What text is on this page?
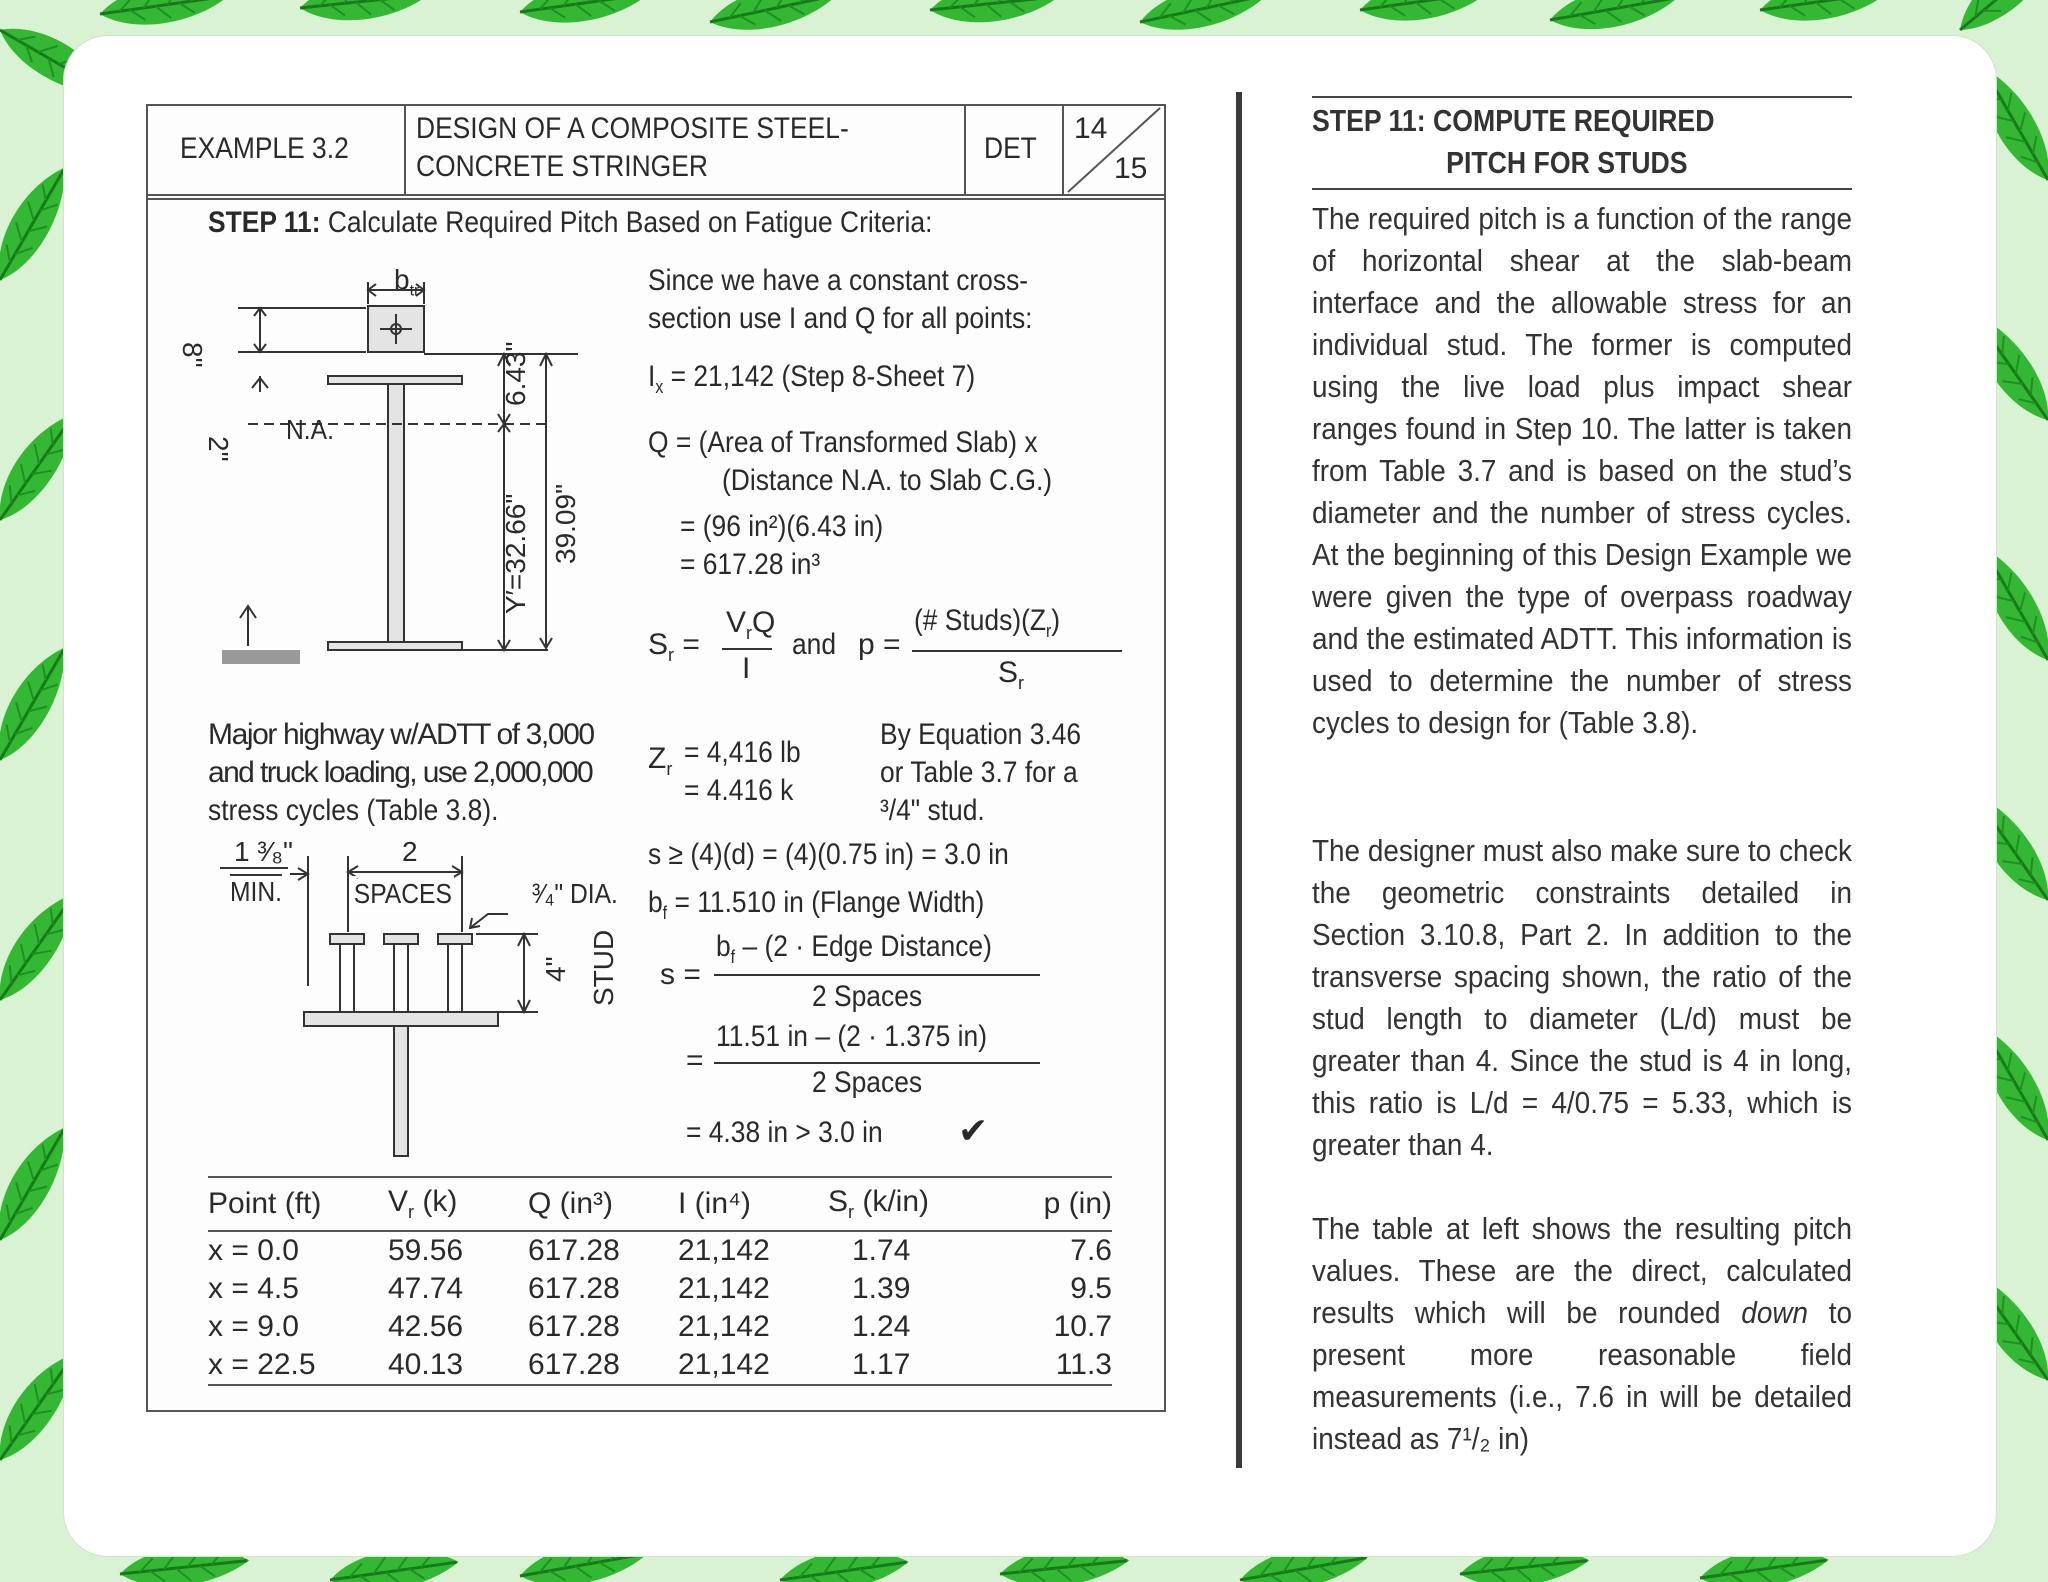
EXAMPLE 3.2
DESIGN OF A COMPOSITE STEEL-
CONCRETE STRINGER
DET
14
15
STEP 11: Calculate Required Pitch Based on Fatigue Criteria:
$b_{tr}$
8"
2"
N.A.
6.43"
Y′=32.66" 39.09"
Since we have a constant cross-
section use I and Q for all points:
$I_x = 21,142$ (Step 8-Sheet 7)
Q = (Area of Transformed Slab) x
(Distance N.A. to Slab C.G.)
= (96 in²)(6.43 in)
= 617.28 in³
$S_r$ =
$V_rQ$
I
and p =
(# $Studs)(Z_r)$
$S_r$
Major highway w/ADTT of 3,000
and truck loading, use 2,000,000
stress cycles (Table 3.8).
$Z_r = 4,416$ lb
= 4.416 k
By Equation 3.46
or Table 3.7 for a
³/4" stud.
s ≥ (4)(d) = (4)(0.75 in) = 3.0 in
$b_f = 11.510$ in (Flange Width)
s =
$b_f - (2$ · Edge Distance)
2 Spaces
=
11.51 in – (2 · 1.375 in)
2 Spaces
= 4.38 in > 3.0 in ✔
1 ³⁄₈"
MIN.
2
SPACES	³⁄₄" DIA.
4" STUD
Point (ft)	$V_r$ (k)	Q (in³)	I (in⁴)	$S_r$ (k/in)	p (in)
x = 0.0	59.56	617.28	21,142	1.74	7.6
x = 4.5	47.74	617.28	21,142	1.39	9.5
x = 9.0	42.56	617.28	21,142	1.24	10.7
x = 22.5	40.13	617.28	21,142	1.17	11.3
STEP 11: COMPUTE REQUIRED
PITCH FOR STUDS

The required pitch is a function of the range of horizontal shear at the slab-beam interface and the allowable stress for an individual stud. The former is computed using the live load plus impact shear ranges found in Step 10. The latter is taken from Table 3.7 and is based on the stud’s diameter and the number of stress cycles. At the beginning of this Design Example we were given the type of overpass roadway and the estimated ADTT. This information is used to determine the number of stress cycles to design for (Table 3.8).

The designer must also make sure to check the geometric constraints detailed in Section 3.10.8, Part 2. In addition to the transverse spacing shown, the ratio of the stud length to diameter (L/d) must be greater than 4. Since the stud is 4 in long, this ratio is L/d = 4/0.75 = 5.33, which is greater than 4.

The table at left shows the resulting pitch values. These are the direct, calculated results which will be rounded down to present more reasonable field measurements (i.e., 7.6 in will be detailed instead as 7¹/₂ in)
